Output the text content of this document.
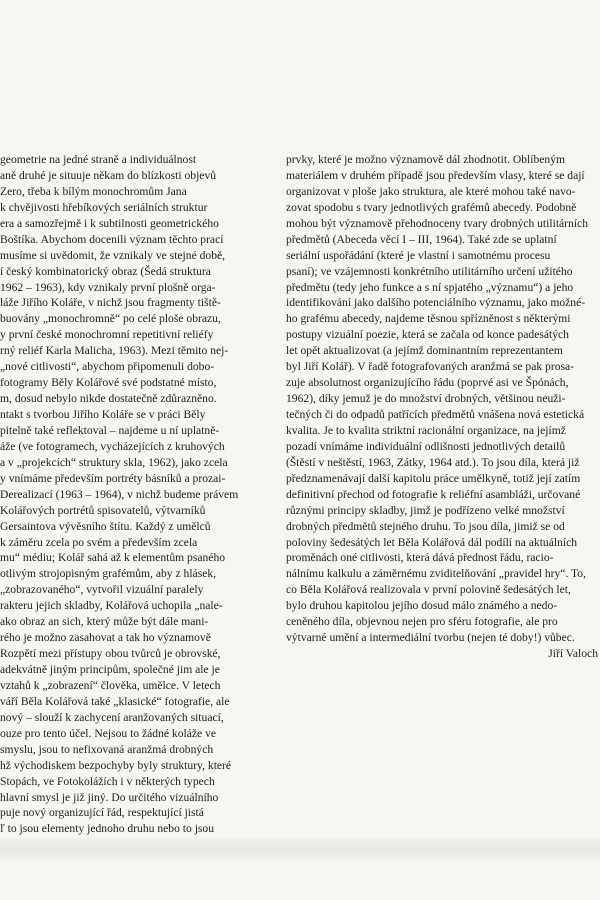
geometrie na jedné straně a individuálnost
aně druhé je situuje někam do blízkosti objevů
Zero, třeba k bílým monochromům Jana
k chvějivosti hřebíkových seriálních struktur
era a samozřejmě i k subtilnosti geometrického
Boštíka. Abychom docenili význam těchto prací
musíme si uvědomit, že vznikaly ve stejné době,
í český kombinatorický obraz (Šedá struktura
1962 – 1963), kdy vznikaly první plošně orga-
láže Jiřího Koláře, v nichž jsou fragmenty tiště-
buovány „monochromně“ po celé ploše obrazu,
y první české monochromní repetitivní reliéfy
rný reliéf Karla Malicha, 1963). Mezi těmito nej-
„nové citlivosti“, abychom připomenuli dobo-
fotogramy Běly Kolářové své podstatné místo,
m, dosud nebylo nikde dostatečně zdůrazněno.
ntakt s tvorbou Jiřího Koláře se v práci Běly
pitelně také reflektoval – najdeme u ní uplatně-
áže (ve fotogramech, vycházejících z kruhových
a v „projekcích“ struktury skla, 1962), jako zcela
y vnímáme především portréty básníků a prozai-
Derealizací (1963 – 1964), v nichž budeme právem
Kolářových portrétů spisovatelů, výtvarníků
Gersaintova vývěsního štítu. Každý z umělců
k záměru zcela po svém a především zcela
mu“ médiu; Kolář sahá až k elementům psaného
otlivým strojopisným grafémům, aby z hlásek,
„zobrazovaného“, vytvořil vizuální paralely
rakteru jejich skladby, Kolářová uchopila „nale-
ako obraz an sich, který může být dále mani-
rého je možno zasahovat a tak ho významově
Rozpětí mezi přístupy obou tvůrců je obrovské,
adekvátně jiným principům, společné jim ale je
vztahů k „zobrazení“ člověka, umělce. V letech
váří Běla Kolářová také „klasické“ fotografie, ale
nový – slouží k zachycení aranžovaných situací,
ouze pro tento účel. Nejsou to žádné koláže ve
smyslu, jsou to nefixovaná aranžmá drobných
hž východiskem bezpochyby byly struktury, které
Stopách, ve Fotokolážích i v některých typech
hlavní smysl je již jiný. Do určitého vizuálního
pujе nový organizující řád, respektující jistá
ľ to jsou elementy jednoho druhu nebo to jsou
prvky, které je možno významově dál zhodnotit. Oblíbeným
materiálem v druhém případě jsou především vlasy, které se dají
organizovat v ploše jako struktura, ale které mohou také navo-
zovat spodobu s tvary jednotlivých grafémů abecedy. Podobně
mohou být významově přehodnoceny tvary drobných utilitárních
předmětů (Abeceda věcí I – III, 1964). Také zde se uplatní
seriální uspořádání (které je vlastní i samotnému procesu
psaní); ve vzájemnosti konkrétního utilitárního určení užitého
předmětu (tedy jeho funkce a s ní spjatého „významu“) a jeho
identifikování jako dalšího potenciálního významu, jako možné-
ho grafému abecedy, najdeme těsnou spřízněnost s některými
postupy vizuální poezie, která se začala od konce padesátých
let opět aktualizovat (a jejímž dominantním reprezentantem
byl Jiří Kolář). V řadě fotografovaných aranžmá se pak prosa-
zuje absolutnost organizujícího řádu (poprvé asi ve Špónách,
1962), díky jemuž je do množství drobných, většinou neuži-
tečných či do odpadů patřících předmětů vnášena nová estetická
kvalita. Je to kvalita striktní racionální organizace, na jejímž
pozadí vnímáme individuální odlišnosti jednotlivých detailů
(Štěstí v neštěstí, 1963, Zátky, 1964 atd.). To jsou díla, která již
předznamenávají další kapitolu práce umělkyně, totiž její zatím
definitivní přechod od fotografie k reliéfní asambláži, určované
různými principy skladby, jimž je podřízeno velké množství
drobných předmětů stejného druhu. To jsou díla, jimiž se od
poloviny šedesátých let Běla Kolářová dál podílí na aktuálních
proměnách oné citlivosti, která dává přednost řádu, racio-
nálnímu kalkulu a záměrnému zviditelňování „pravidel hry“. To,
co Běla Kolářová realizovala v první polovině šedesátých let,
bylo druhou kapitolou jejího dosud málo známého a nedo-
ceněného díla, objevnou nejen pro sféru fotografie, ale pro
výtvarné umění a intermediální tvorbu (nejen té doby!) vůbec.
Jiří Valoch
